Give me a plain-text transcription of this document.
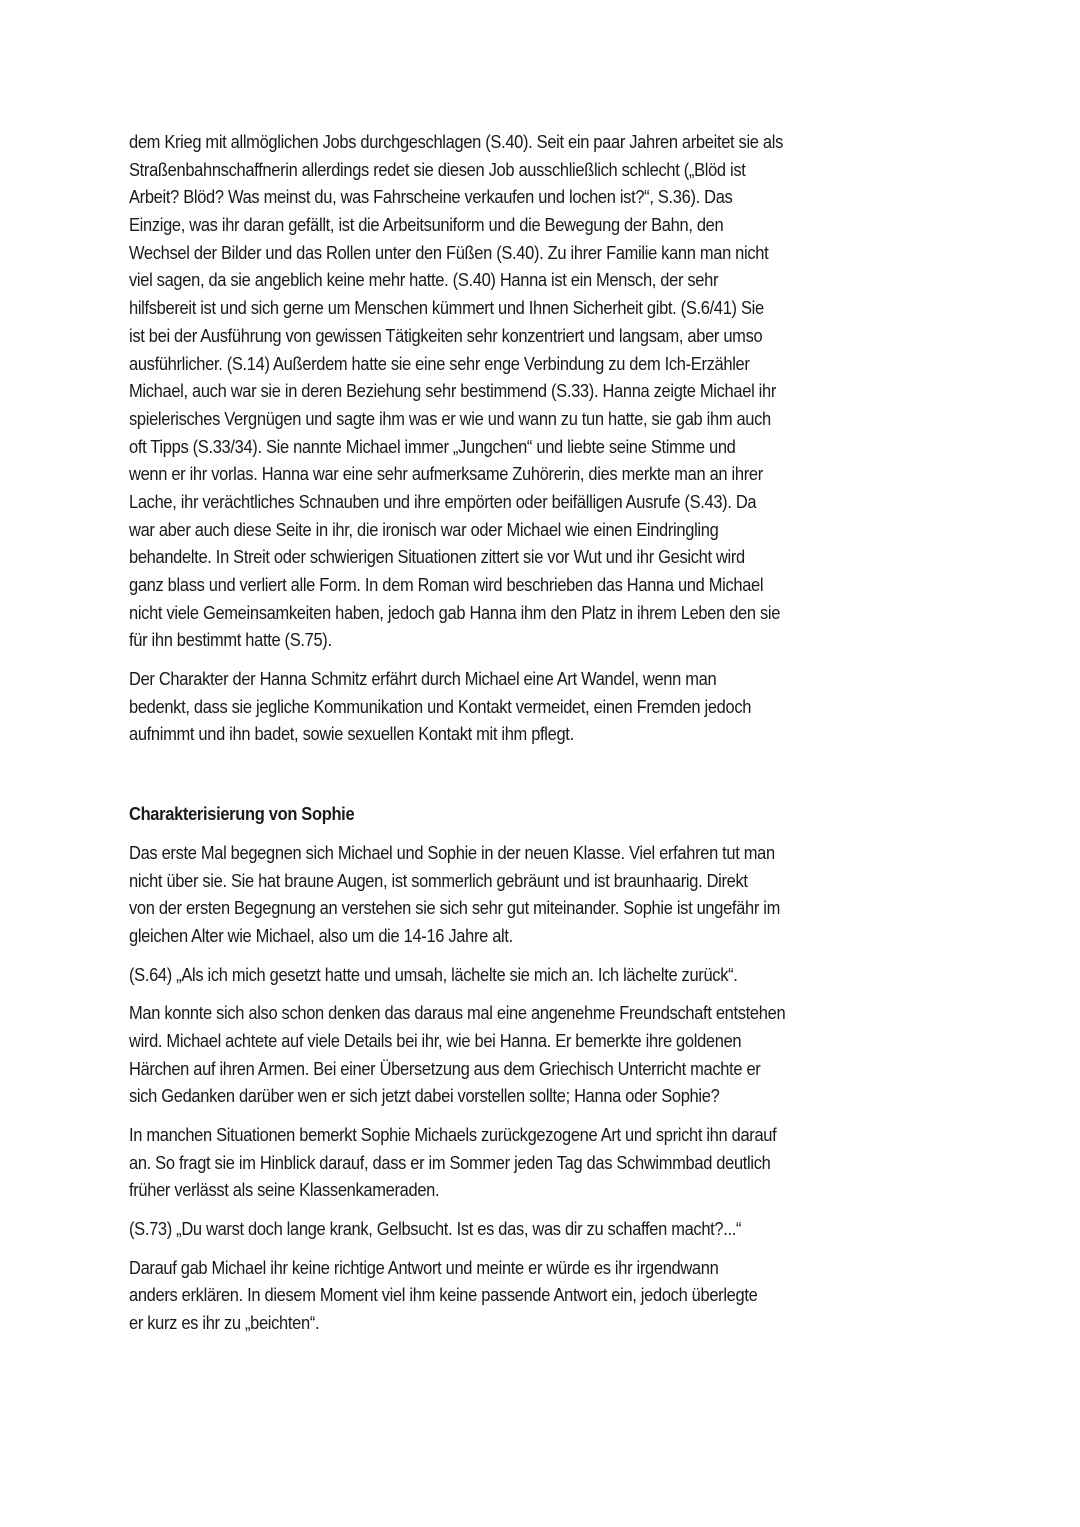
dem Krieg mit allmöglichen Jobs durchgeschlagen (S.40). Seit ein paar Jahren arbeitet sie als
Straßenbahnschaffnerin allerdings redet sie diesen Job ausschließlich schlecht („Blöd ist
Arbeit? Blöd? Was meinst du, was Fahrscheine verkaufen und lochen ist?“, S.36). Das
Einzige, was ihr daran gefällt, ist die Arbeitsuniform und die Bewegung der Bahn, den
Wechsel der Bilder und das Rollen unter den Füßen (S.40). Zu ihrer Familie kann man nicht
viel sagen, da sie angeblich keine mehr hatte. (S.40) Hanna ist ein Mensch, der sehr
hilfsbereit ist und sich gerne um Menschen kümmert und Ihnen Sicherheit gibt. (S.6/41) Sie
ist bei der Ausführung von gewissen Tätigkeiten sehr konzentriert und langsam, aber umso
ausführlicher. (S.14) Außerdem hatte sie eine sehr enge Verbindung zu dem Ich-Erzähler
Michael, auch war sie in deren Beziehung sehr bestimmend (S.33). Hanna zeigte Michael ihr
spielerisches Vergnügen und sagte ihm was er wie und wann zu tun hatte, sie gab ihm auch
oft Tipps (S.33/34). Sie nannte Michael immer „Jungchen“ und liebte seine Stimme und
wenn er ihr vorlas. Hanna war eine sehr aufmerksame Zuhörerin, dies merkte man an ihrer
Lache, ihr verächtliches Schnauben und ihre empörten oder beifälligen Ausrufe (S.43). Da
war aber auch diese Seite in ihr, die ironisch war oder Michael wie einen Eindringling
behandelte. In Streit oder schwierigen Situationen zittert sie vor Wut und ihr Gesicht wird
ganz blass und verliert alle Form. In dem Roman wird beschrieben das Hanna und Michael
nicht viele Gemeinsamkeiten haben, jedoch gab Hanna ihm den Platz in ihrem Leben den sie
für ihn bestimmt hatte (S.75).

Der Charakter der Hanna Schmitz erfährt durch Michael eine Art Wandel, wenn man
bedenkt, dass sie jegliche Kommunikation und Kontakt vermeidet, einen Fremden jedoch
aufnimmt und ihn badet, sowie sexuellen Kontakt mit ihm pflegt.

Charakterisierung von Sophie

Das erste Mal begegnen sich Michael und Sophie in der neuen Klasse. Viel erfahren tut man
nicht über sie. Sie hat braune Augen, ist sommerlich gebräunt und ist braunhaarig. Direkt
von der ersten Begegnung an verstehen sie sich sehr gut miteinander. Sophie ist ungefähr im
gleichen Alter wie Michael, also um die 14-16 Jahre alt.

(S.64) „Als ich mich gesetzt hatte und umsah, lächelte sie mich an. Ich lächelte zurück“.

Man konnte sich also schon denken das daraus mal eine angenehme Freundschaft entstehen
wird. Michael achtete auf viele Details bei ihr, wie bei Hanna. Er bemerkte ihre goldenen
Härchen auf ihren Armen. Bei einer Übersetzung aus dem Griechisch Unterricht machte er
sich Gedanken darüber wen er sich jetzt dabei vorstellen sollte; Hanna oder Sophie?

In manchen Situationen bemerkt Sophie Michaels zurückgezogene Art und spricht ihn darauf
an. So fragt sie im Hinblick darauf, dass er im Sommer jeden Tag das Schwimmbad deutlich
früher verlässt als seine Klassenkameraden.

(S.73) „Du warst doch lange krank, Gelbsucht. Ist es das, was dir zu schaffen macht?...“

Darauf gab Michael ihr keine richtige Antwort und meinte er würde es ihr irgendwann
anders erklären. In diesem Moment viel ihm keine passende Antwort ein, jedoch überlegte
er kurz es ihr zu „beichten“.
